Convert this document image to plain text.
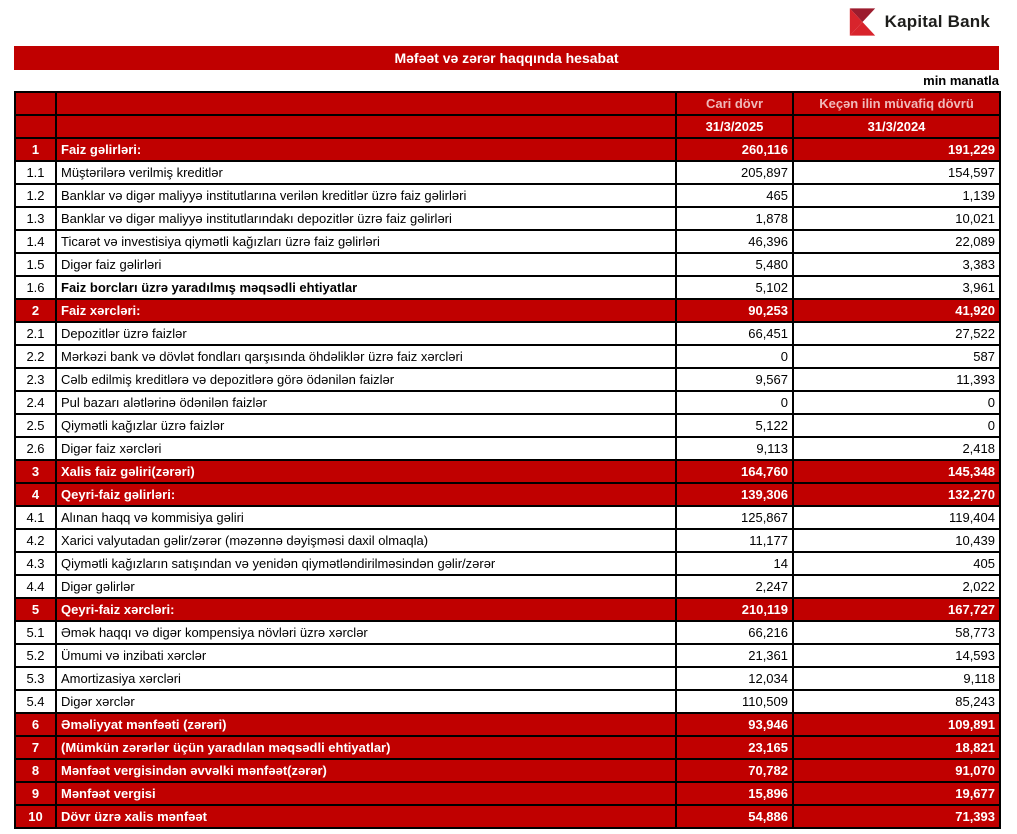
Kapital Bank
Məfəət və zərər haqqında hesabat
min manatla
		Cari dövr	Keçən ilin müvafiq dövrü
		31/3/2025	31/3/2024
1	Faiz gəlirləri:	260,116	191,229
1.1	Müştərilərə verilmiş kreditlər	205,897	154,597
1.2	Banklar və digər maliyyə institutlarına verilən kreditlər üzrə faiz gəlirləri	465	1,139
1.3	Banklar və digər maliyyə institutlarındakı depozitlər üzrə faiz gəlirləri	1,878	10,021
1.4	Ticarət və investisiya qiymətli kağızları üzrə faiz gəlirləri	46,396	22,089
1.5	Digər faiz gəlirləri	5,480	3,383
1.6	Faiz borcları üzrə yaradılmış məqsədli ehtiyatlar	5,102	3,961
2	Faiz xərcləri:	90,253	41,920
2.1	Depozitlər üzrə faizlər	66,451	27,522
2.2	Mərkəzi bank və dövlət fondları qarşısında öhdəliklər üzrə faiz xərcləri	0	587
2.3	Cəlb edilmiş kreditlərə və depozitlərə görə ödənilən faizlər	9,567	11,393
2.4	Pul bazarı alətlərinə ödənilən faizlər	0	0
2.5	Qiymətli kağızlar üzrə faizlər	5,122	0
2.6	Digər faiz xərcləri	9,113	2,418
3	Xalis faiz gəliri(zərəri)	164,760	145,348
4	Qeyri-faiz gəlirləri:	139,306	132,270
4.1	Alınan haqq və kommisiya gəliri	125,867	119,404
4.2	Xarici valyutadan gəlir/zərər (məzənnə dəyişməsi daxil olmaqla)	11,177	10,439
4.3	Qiymətli kağızların satışından və yenidən qiymətləndirilməsindən gəlir/zərər	14	405
4.4	Digər gəlirlər	2,247	2,022
5	Qeyri-faiz xərcləri:	210,119	167,727
5.1	Əmək haqqı və digər kompensiya növləri üzrə xərclər	66,216	58,773
5.2	Ümumi və inzibati xərclər	21,361	14,593
5.3	Amortizasiya xərcləri	12,034	9,118
5.4	Digər xərclər	110,509	85,243
6	Əməliyyat mənfəəti (zərəri)	93,946	109,891
7	(Mümkün zərərlər üçün yaradılan məqsədli ehtiyatlar)	23,165	18,821
8	Mənfəət vergisindən əvvəlki mənfəət(zərər)	70,782	91,070
9	Mənfəət vergisi	15,896	19,677
10	Dövr üzrə xalis mənfəət	54,886	71,393
